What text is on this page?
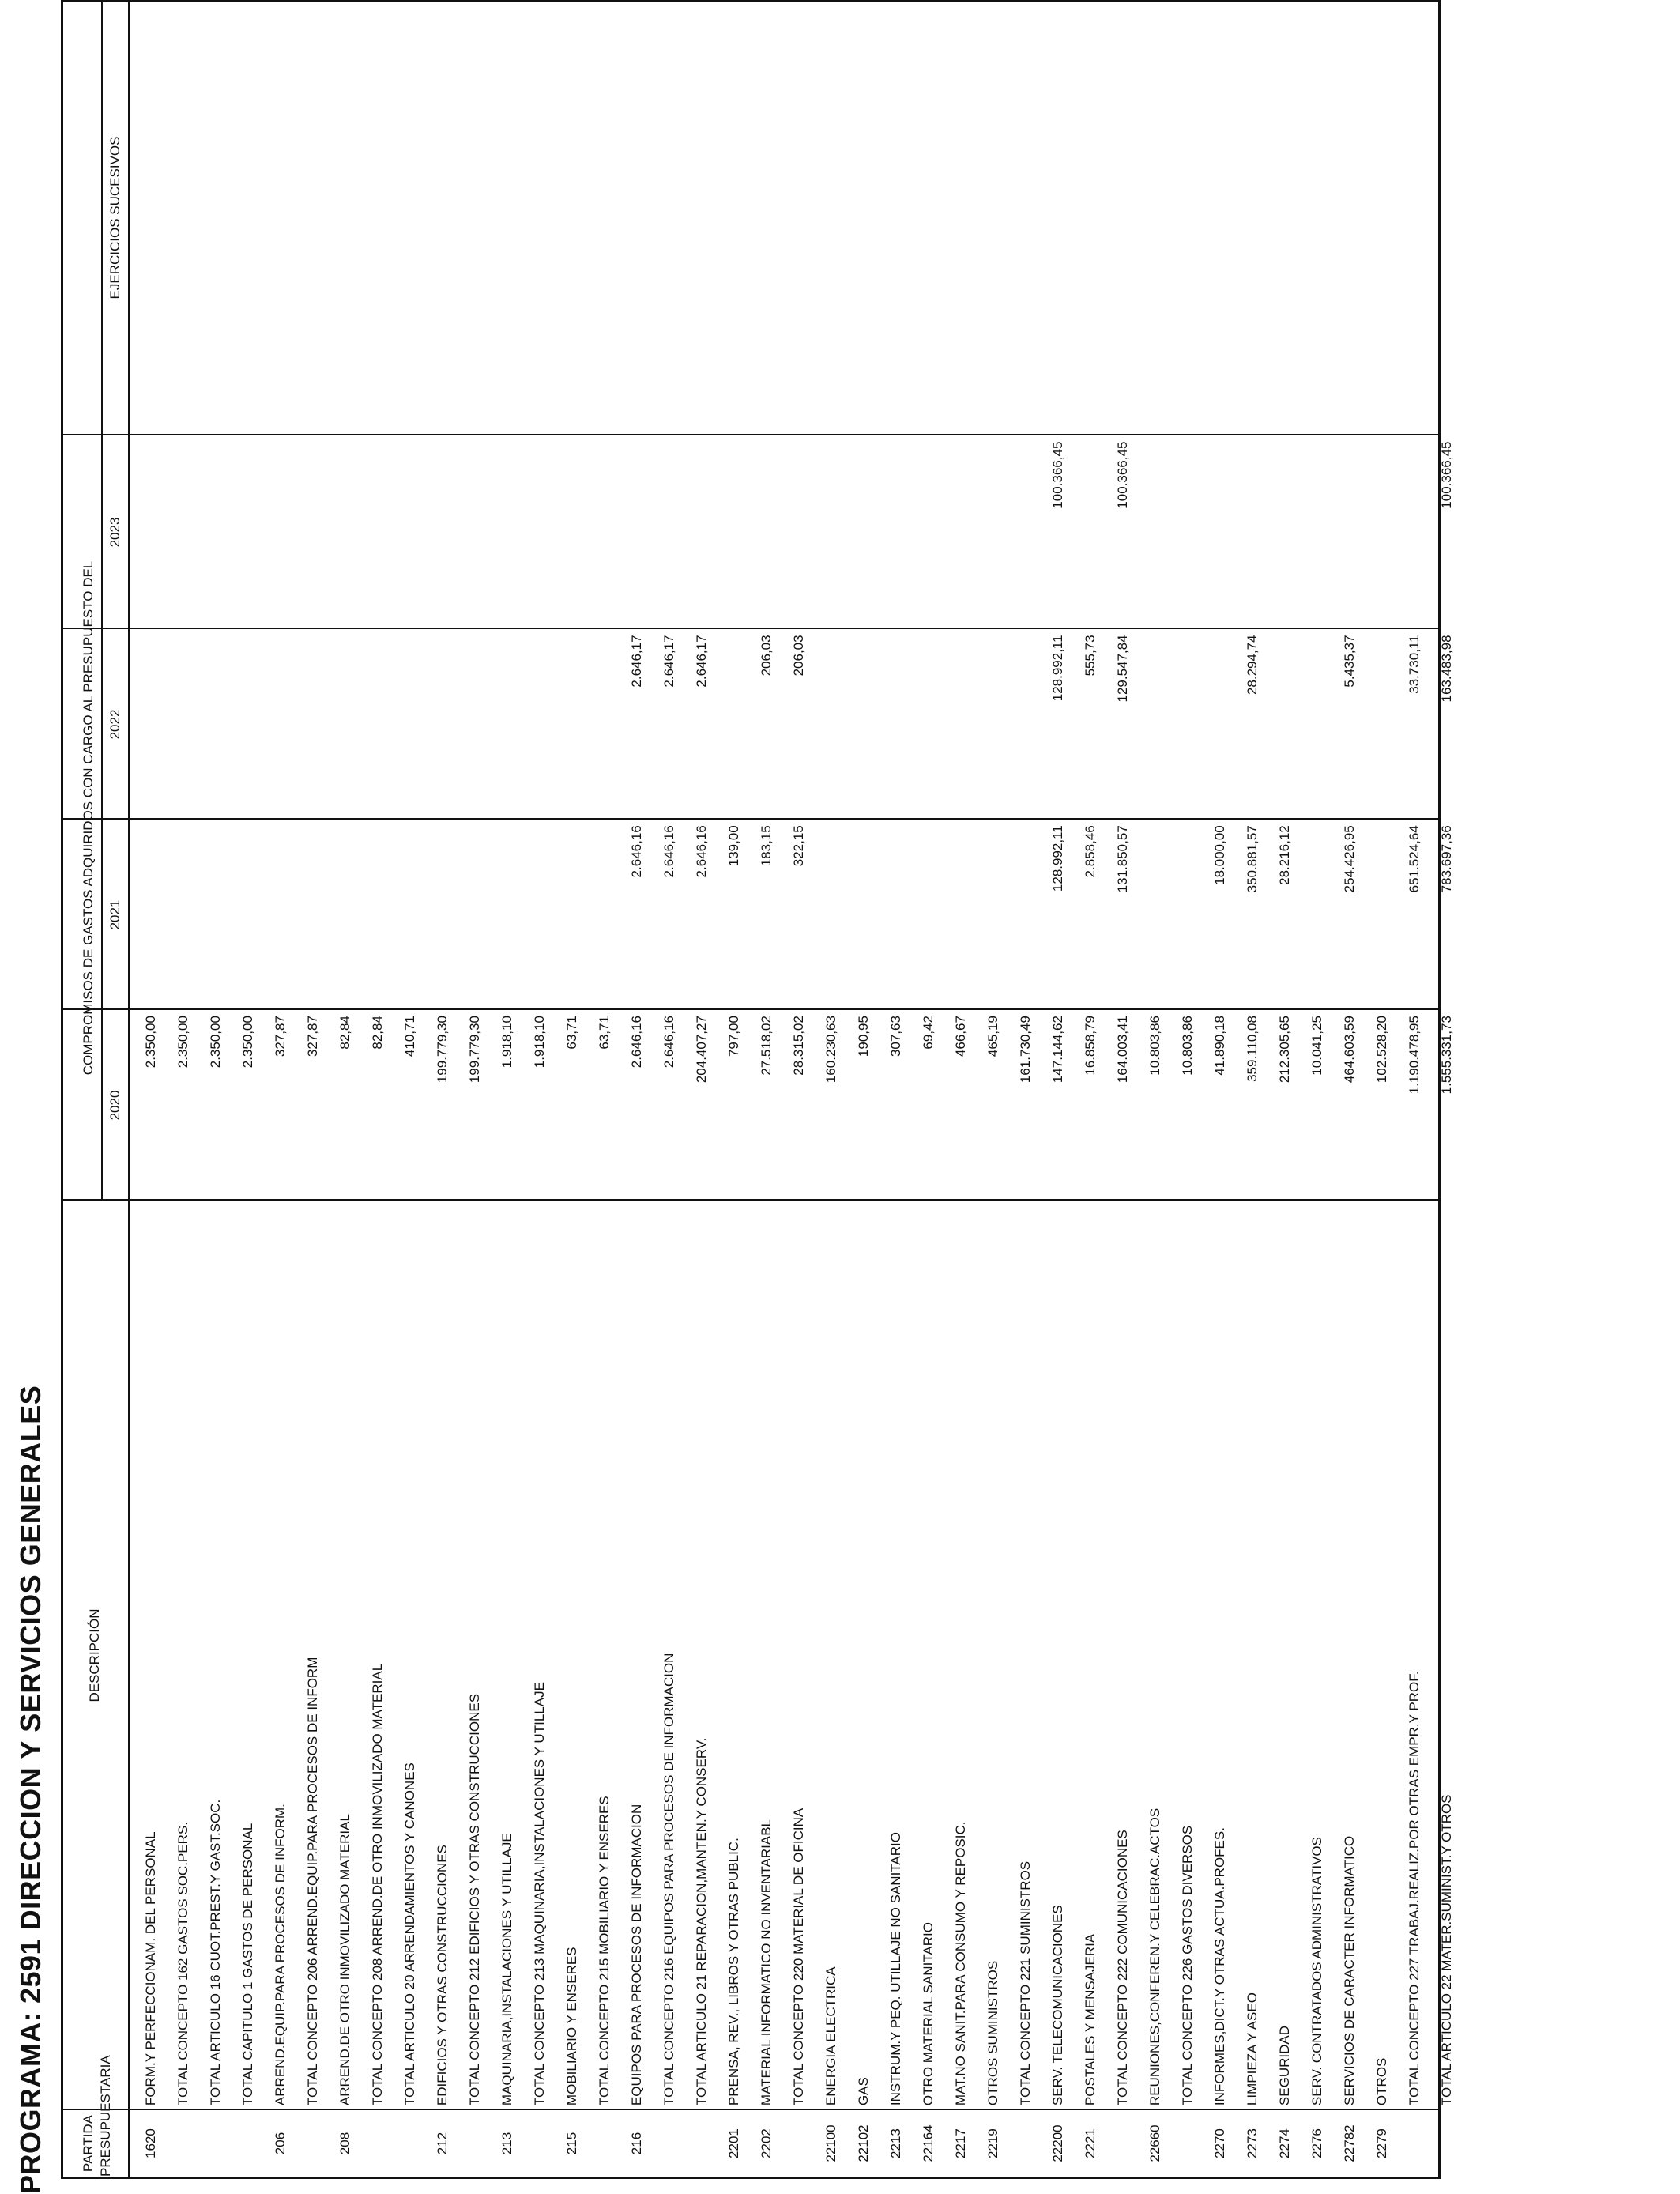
PROGRAMA: 2591 DIRECCION Y SERVICIOS GENERALES	PARTIDA PRESUPUESTARIA
DESCRIPCIÓN
COMPROMISOS DE GASTOS ADQUIRIDOS CON CARGO AL PRESUPUESTO DEL
2020
2021
2022
2023
EJERCICIOS SUCESIVOS
1620
FORM.Y PERFECCIONAM. DEL PERSONAL
2.350,00
TOTAL CONCEPTO 162 GASTOS SOC.PERS.
2.350,00
TOTAL ARTICULO 16 CUOT.PREST.Y GAST.SOC.
2.350,00
TOTAL CAPITULO 1 GASTOS DE PERSONAL
2.350,00
206
ARREND.EQUIP.PARA PROCESOS DE INFORM.
327,87
TOTAL CONCEPTO 206 ARREND.EQUIP.PARA PROCESOS DE INFORM
327,87
208
ARREND.DE OTRO INMOVILIZADO MATERIAL
82,84
TOTAL CONCEPTO 208 ARREND.DE OTRO INMOVILIZADO MATERIAL
82,84
TOTAL ARTICULO 20 ARRENDAMIENTOS Y CANONES
410,71
212
EDIFICIOS Y OTRAS CONSTRUCCIONES
199.779,30
TOTAL CONCEPTO 212 EDIFICIOS Y OTRAS CONSTRUCCIONES
199.779,30
213
MAQUINARIA,INSTALACIONES Y UTILLAJE
1.918,10
TOTAL CONCEPTO 213 MAQUINARIA,INSTALACIONES Y UTILLAJE
1.918,10
215
MOBILIARIO Y ENSERES
63,71
TOTAL CONCEPTO 215 MOBILIARIO Y ENSERES
63,71
216
EQUIPOS PARA PROCESOS DE INFORMACION
2.646,16
2.646,16
2.646,17
TOTAL CONCEPTO 216 EQUIPOS PARA PROCESOS DE INFORMACION
2.646,16
2.646,16
2.646,17
TOTAL ARTICULO 21 REPARACION,MANTEN.Y CONSERV.
204.407,27
2.646,16
2.646,17
2201
PRENSA, REV., LIBROS Y OTRAS PUBLIC.
797,00
139,00
2202
MATERIAL INFORMATICO NO INVENTARIABL
27.518,02
183,15
206,03
TOTAL CONCEPTO 220 MATERIAL DE OFICINA
28.315,02
322,15
206,03
22100
ENERGIA ELECTRICA
160.230,63
22102
GAS
190,95
2213
INSTRUM.Y PEQ. UTILLAJE NO SANITARIO
307,63
22164
OTRO MATERIAL SANITARIO
69,42
2217
MAT.NO SANIT.PARA CONSUMO Y REPOSIC.
466,67
2219
OTROS SUMINISTROS
465,19
TOTAL CONCEPTO 221 SUMINISTROS
161.730,49
22200
SERV. TELECOMUNICACIONES
147.144,62
128.992,11
128.992,11
100.366,45
2221
POSTALES Y MENSAJERIA
16.858,79
2.858,46
555,73
TOTAL CONCEPTO 222 COMUNICACIONES
164.003,41
131.850,57
129.547,84
100.366,45
22660
REUNIONES,CONFEREN.Y CELEBRAC.ACTOS
10.803,86
TOTAL CONCEPTO 226 GASTOS DIVERSOS
10.803,86
2270
INFORMES,DICT.Y OTRAS ACTUA.PROFES.
41.890,18
18.000,00
2273
LIMPIEZA Y ASEO
359.110,08
350.881,57
28.294,74
2274
SEGURIDAD
212.305,65
28.216,12
2276
SERV. CONTRATADOS ADMINISTRATIVOS
10.041,25
22782
SERVICIOS DE CARACTER INFORMATICO
464.603,59
254.426,95
5.435,37
2279
OTROS
102.528,20
TOTAL CONCEPTO 227 TRABAJ.REALIZ.POR OTRAS EMPR.Y PROF.
1.190.478,95
651.524,64
33.730,11
TOTAL ARTICULO 22 MATER.SUMINIST.Y OTROS
1.555.331,73
783.697,36
163.483,98
100.366,45
